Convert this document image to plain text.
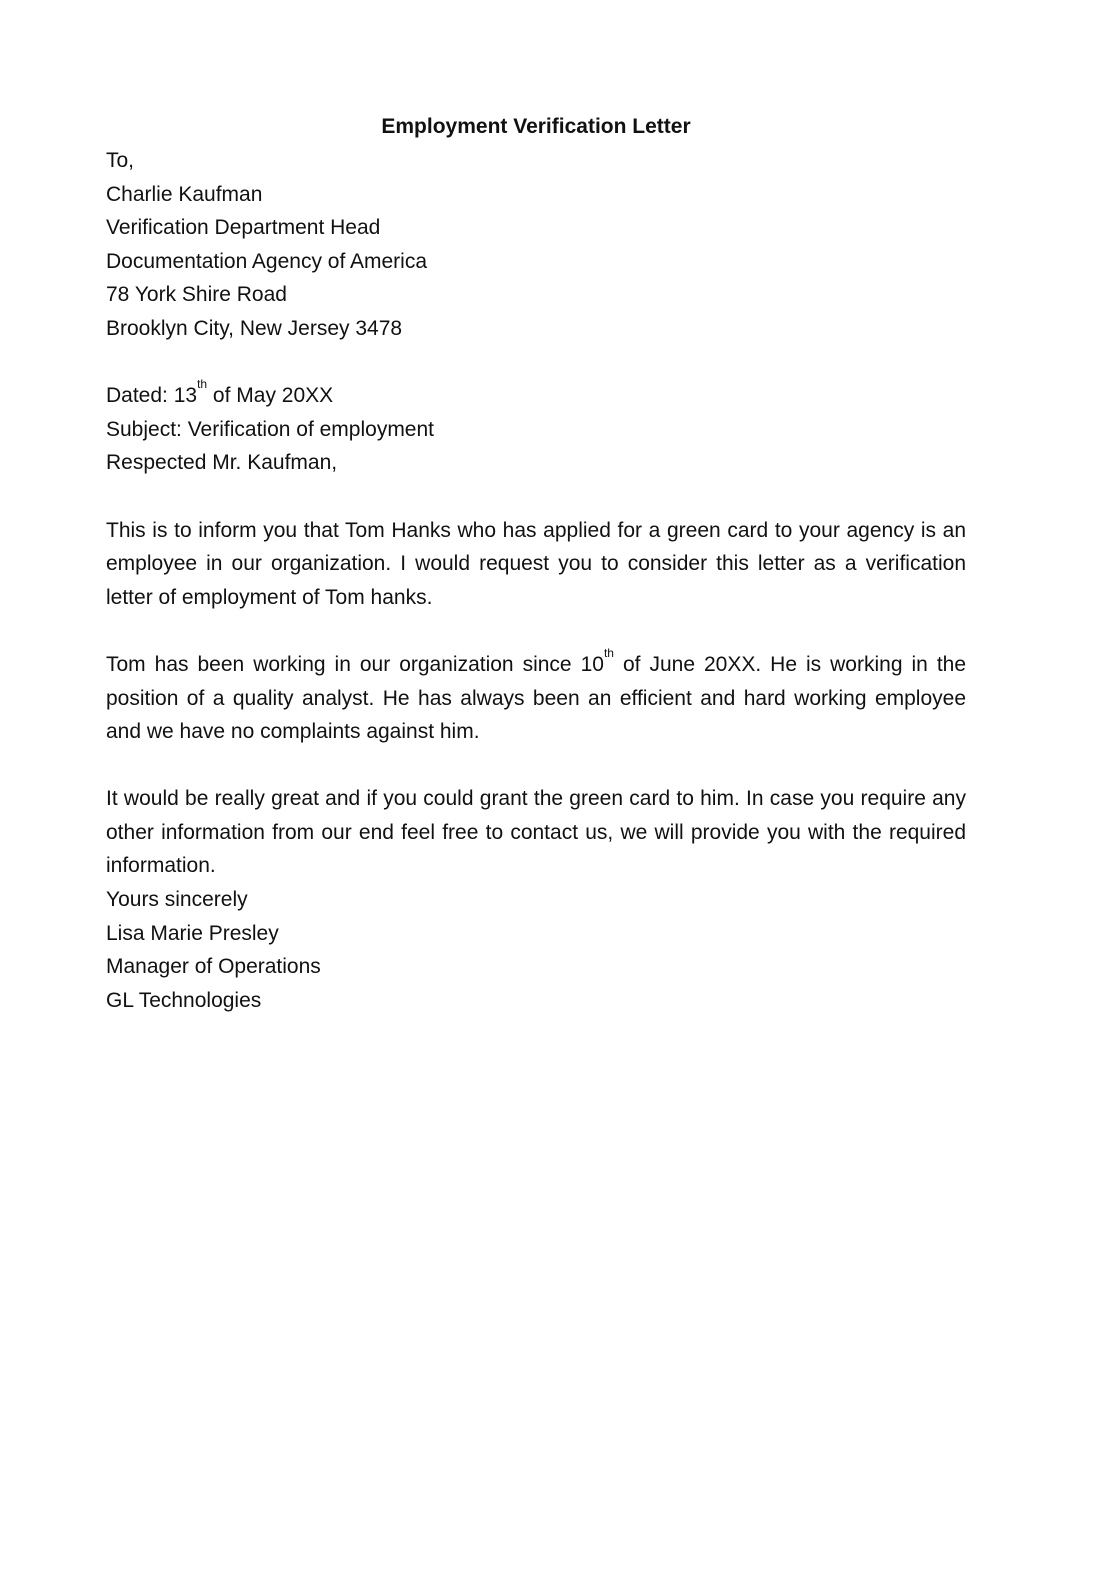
Employment Verification Letter
To,
Charlie Kaufman
Verification Department Head
Documentation Agency of America
78 York Shire Road
Brooklyn City, New Jersey 3478
Dated: 13th of May 20XX
Subject: Verification of employment
Respected Mr. Kaufman,
This is to inform you that Tom Hanks who has applied for a green card to your agency is an employee in our organization. I would request you to consider this letter as a verification letter of employment of Tom hanks.
Tom has been working in our organization since 10th of June 20XX. He is working in the position of a quality analyst. He has always been an efficient and hard working employee and we have no complaints against him.
It would be really great and if you could grant the green card to him. In case you require any other information from our end feel free to contact us, we will provide you with the required information.
Yours sincerely
Lisa Marie Presley
Manager of Operations
GL Technologies
